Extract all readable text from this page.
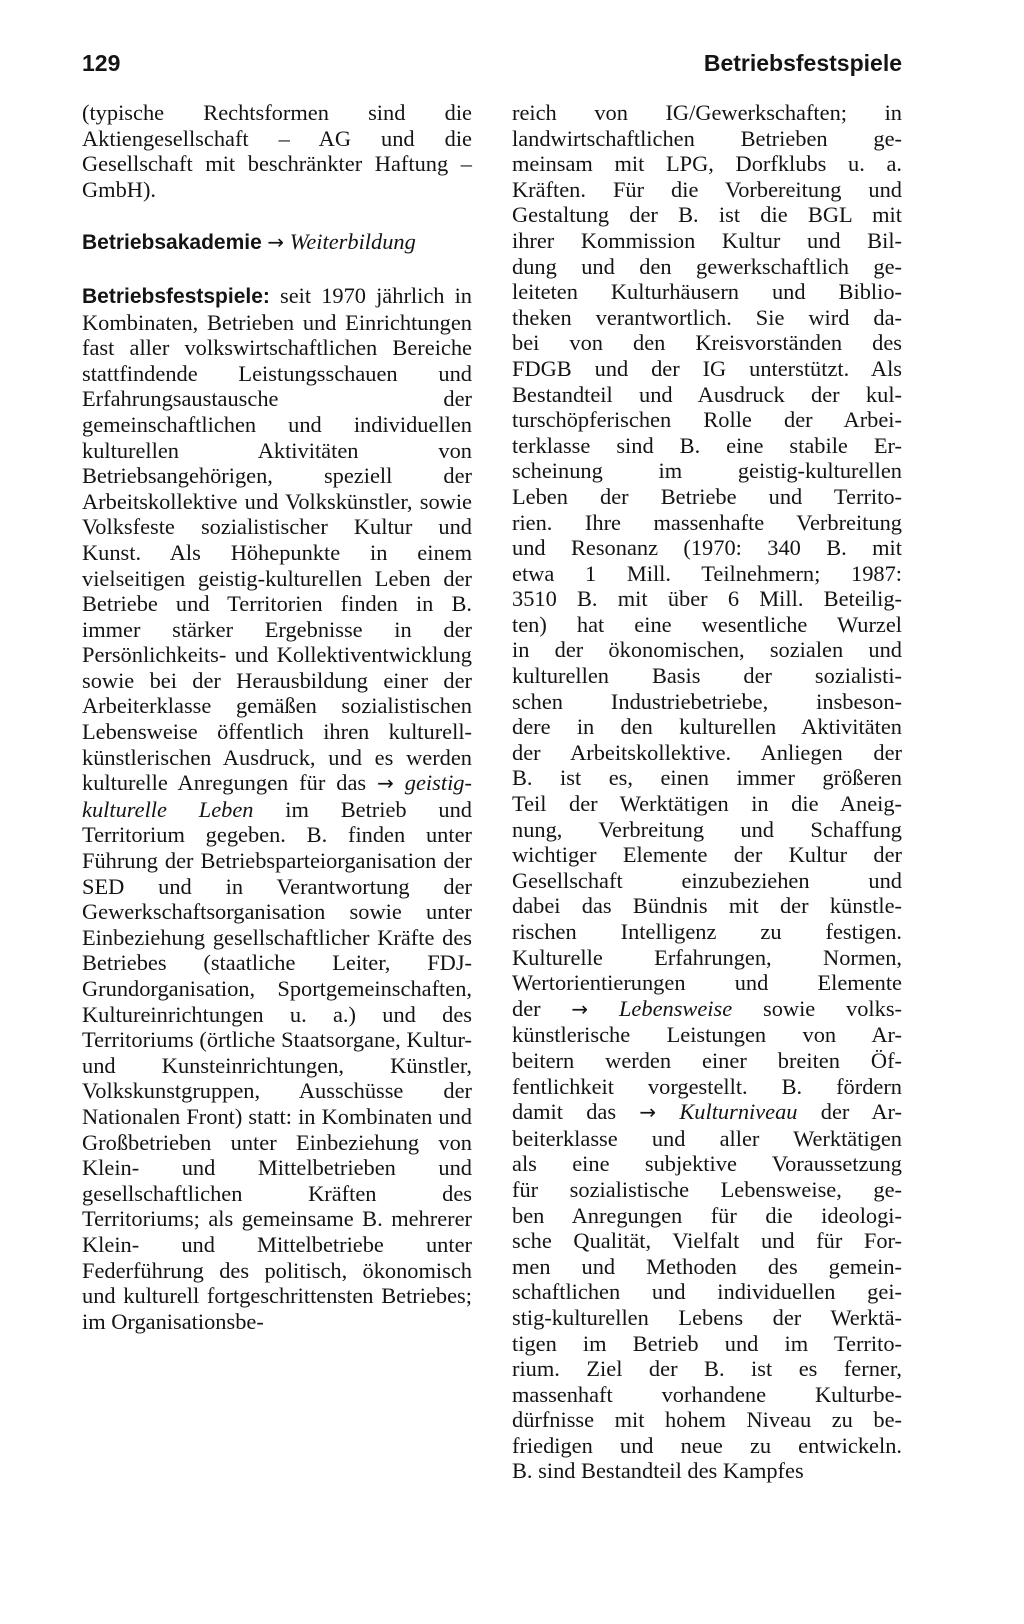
129	Betriebsfestspiele

(typische Rechtsformen sind die Aktiengesellschaft – AG und die Gesellschaft mit beschränkter Haftung – GmbH).

Betriebsakademie → Weiterbildung

Betriebsfestspiele: seit 1970 jährlich in Kombinaten, Betrieben und Einrichtungen fast aller volkswirtschaftlichen Bereiche stattfindende Leistungsschauen und Erfahrungsaustausche der gemeinschaftlichen und individuellen kulturellen Aktivitäten von Betriebsangehörigen, speziell der Arbeitskollektive und Volkskünstler, sowie Volksfeste sozialistischer Kultur und Kunst. Als Höhepunkte in einem vielseitigen geistig-kulturellen Leben der Betriebe und Territorien finden in B. immer stärker Ergebnisse in der Persönlichkeits- und Kollektiventwicklung sowie bei der Herausbildung einer der Arbeiterklasse gemäßen sozialistischen Lebensweise öffentlich ihren kulturell-künstlerischen Ausdruck, und es werden kulturelle Anregungen für das → geistig-kulturelle Leben im Betrieb und Territorium gegeben. B. finden unter Führung der Betriebsparteiorganisation der SED und in Verantwortung der Gewerkschaftsorganisation sowie unter Einbeziehung gesellschaftlicher Kräfte des Betriebes (staatliche Leiter, FDJ-Grundorganisation, Sportgemeinschaften, Kultureinrichtungen u. a.) und des Territoriums (örtliche Staatsorgane, Kultur- und Kunsteinrichtungen, Künstler, Volkskunstgruppen, Ausschüsse der Nationalen Front) statt: in Kombinaten und Großbetrieben unter Einbeziehung von Klein- und Mittelbetrieben und gesellschaftlichen Kräften des Territoriums; als gemeinsame B. mehrerer Klein- und Mittelbetriebe unter Federführung des politisch, ökonomisch und kulturell fortgeschrittensten Betriebes; im Organisationsbe-

reich von IG/Gewerkschaften; in
landwirtschaftlichen Betrieben ge-
meinsam mit LPG, Dorfklubs u. a.
Kräften. Für die Vorbereitung und
Gestaltung der B. ist die BGL mit
ihrer Kommission Kultur und Bil-
dung und den gewerkschaftlich ge-
leiteten Kulturhäusern und Biblio-
theken verantwortlich. Sie wird da-
bei von den Kreisvorständen des
FDGB und der IG unterstützt. Als
Bestandteil und Ausdruck der kul-
turschöpferischen Rolle der Arbei-
terklasse sind B. eine stabile Er-
scheinung im geistig-kulturellen
Leben der Betriebe und Territo-
rien. Ihre massenhafte Verbreitung
und Resonanz (1970: 340 B. mit
etwa 1 Mill. Teilnehmern; 1987:
3510 B. mit über 6 Mill. Beteilig-
ten) hat eine wesentliche Wurzel
in der ökonomischen, sozialen und
kulturellen Basis der sozialisti-
schen Industriebetriebe, insbeson-
dere in den kulturellen Aktivitäten
der Arbeitskollektive. Anliegen der
B. ist es, einen immer größeren
Teil der Werktätigen in die Aneig-
nung, Verbreitung und Schaffung
wichtiger Elemente der Kultur der
Gesellschaft einzubeziehen und
dabei das Bündnis mit der künstle-
rischen Intelligenz zu festigen.
Kulturelle Erfahrungen, Normen,
Wertorientierungen und Elemente
der → Lebensweise sowie volks-
künstlerische Leistungen von Ar-
beitern werden einer breiten Öf-
fentlichkeit vorgestellt. B. fördern
damit das → Kulturniveau der Ar-
beiterklasse und aller Werktätigen
als eine subjektive Voraussetzung
für sozialistische Lebensweise, ge-
ben Anregungen für die ideologi-
sche Qualität, Vielfalt und für For-
men und Methoden des gemein-
schaftlichen und individuellen gei-
stig-kulturellen Lebens der Werktä-
tigen im Betrieb und im Territo-
rium. Ziel der B. ist es ferner,
massenhaft vorhandene Kulturbe-
dürfnisse mit hohem Niveau zu be-
friedigen und neue zu entwickeln.
B. sind Bestandteil des Kampfes
